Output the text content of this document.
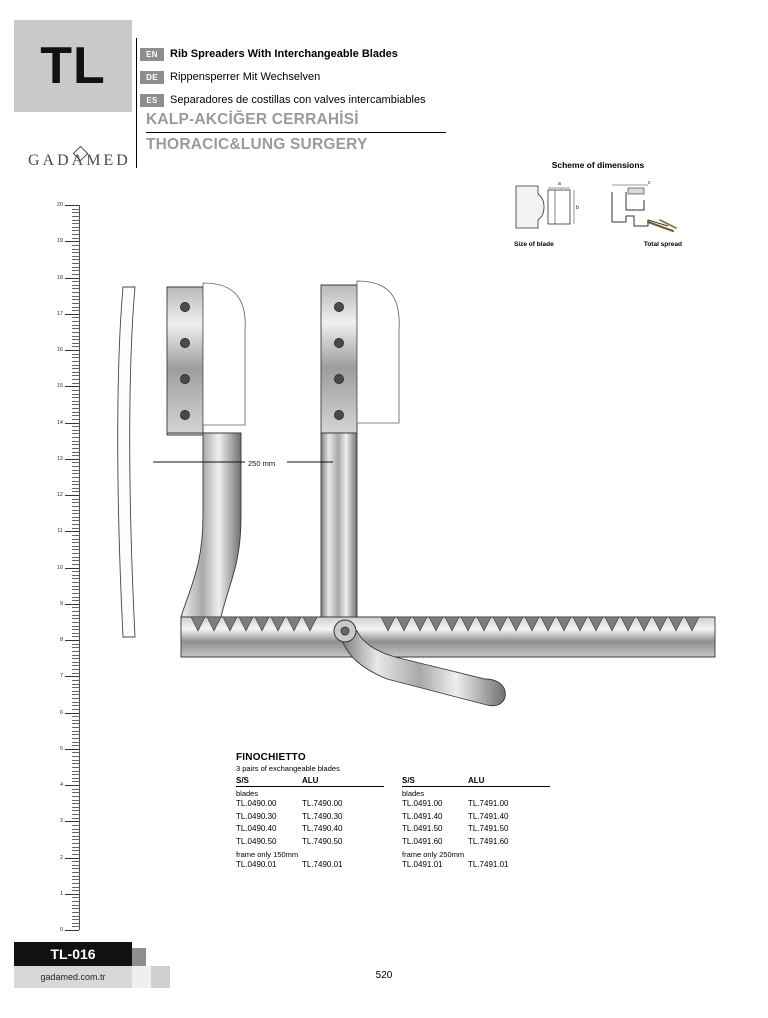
TL	EN	Rib Spreaders With Interchangeable Blades
DE	Rippensperrer Mit Wechselven
ES	Separadores de costillas con valves intercambiables
KALP-AKCİĞER CERRAHİSİ
THORACIC&LUNG SURGERY
GADAMED	Scheme of dimensions
a
b
c
Size of blade	Total spread
20
19
18
17
16
15
14
13
12
11
10
9
8
7
6
5
4
3
2
1
0
250 mm
FINOCHIETTO
3 pairs of exchangeable blades
S/S	ALU
blades
TL.0490.00	TL.7490.00
TL.0490.30	TL.7490.30
TL.0490.40	TL.7490.40
TL.0490.50	TL.7490.50
frame only 150mm
TL.0490.01	TL.7490.01
S/S	ALU
blades
TL.0491.00	TL.7491.00
TL.0491.40	TL.7491.40
TL.0491.50	TL.7491.50
TL.0491.60	TL.7491.60
frame only 250mm
TL.0491.01	TL.7491.01
TL-016
gadamed.com.tr	520
